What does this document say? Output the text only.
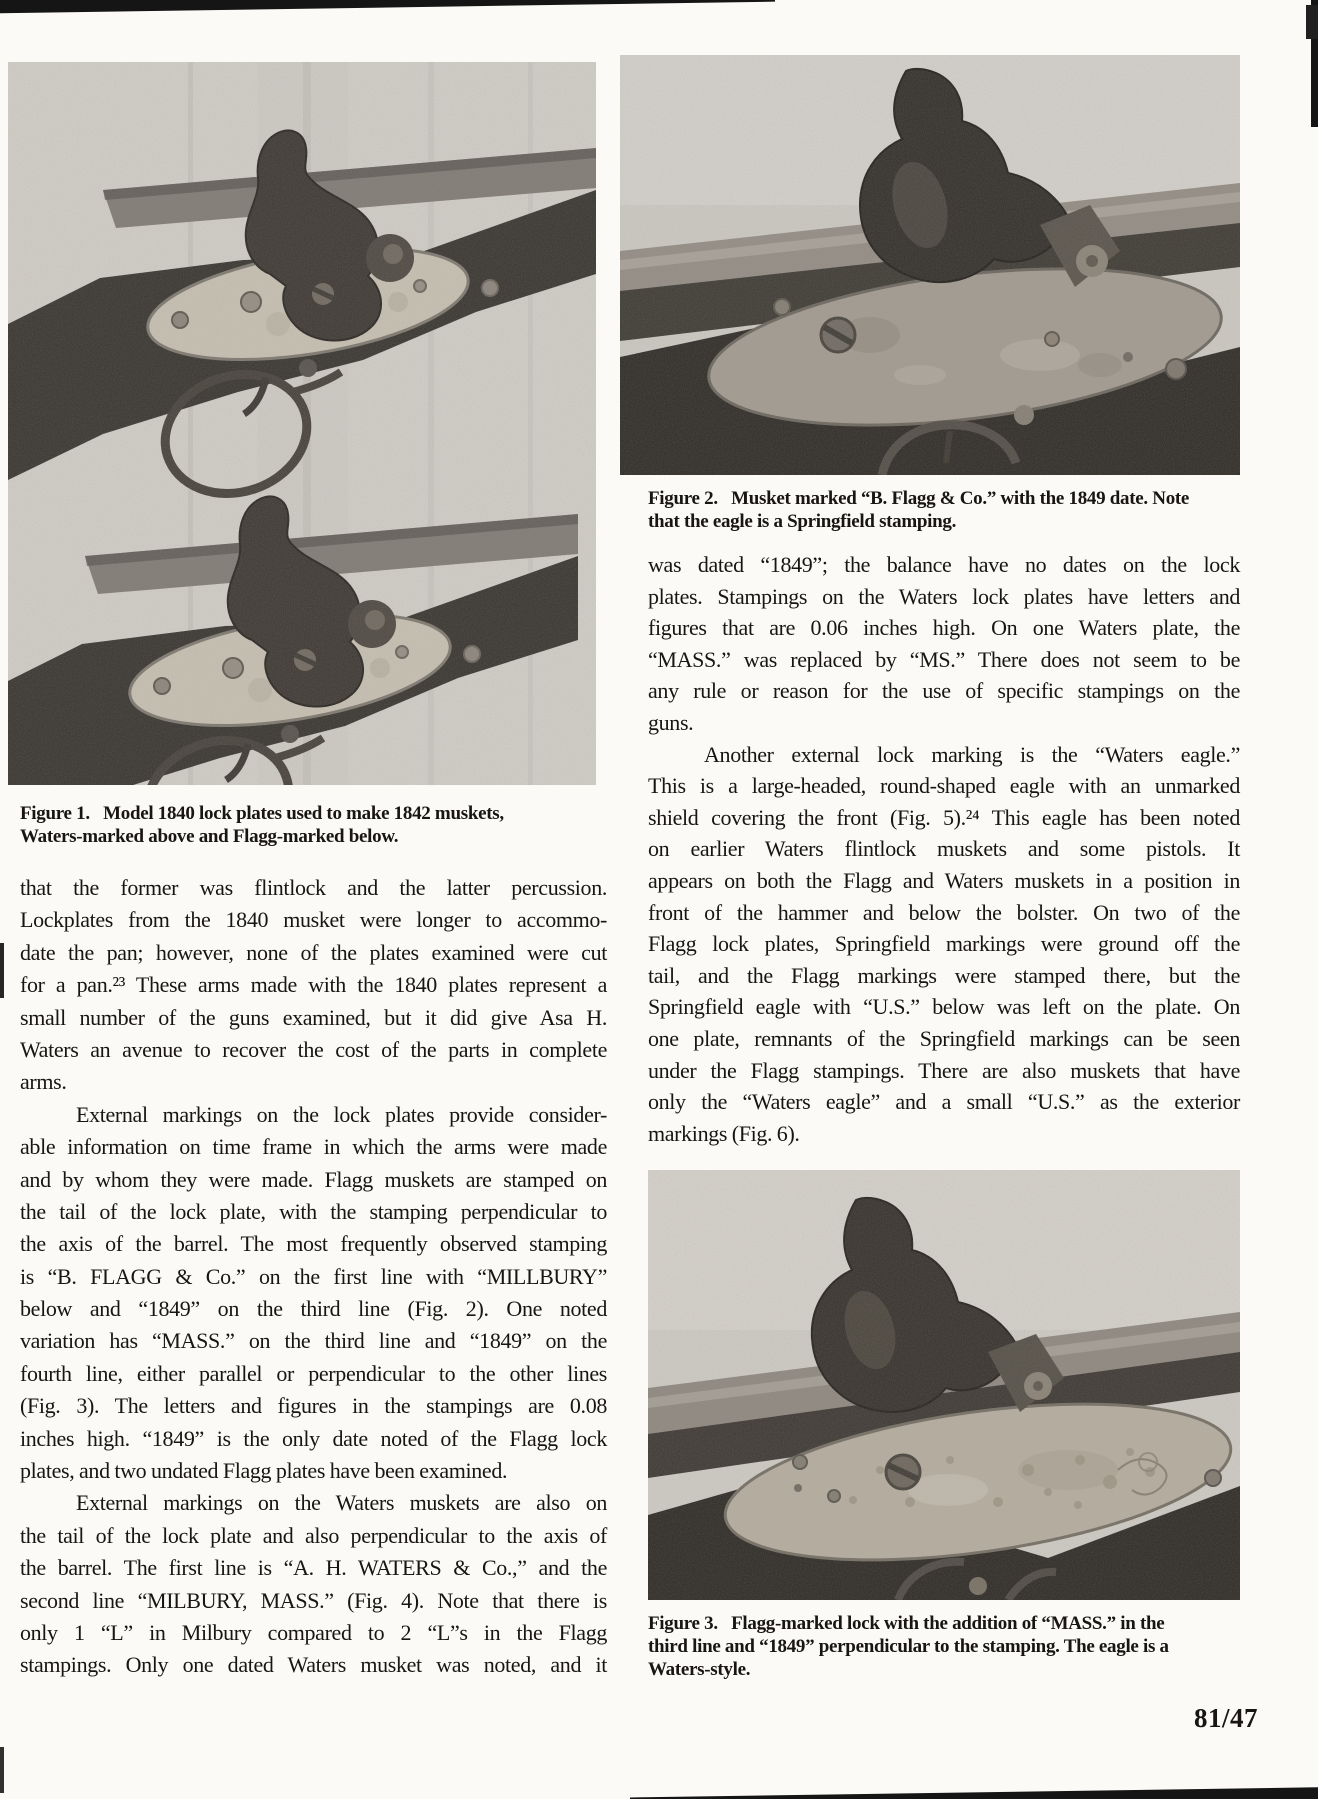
Figure 1.   Model 1840 lock plates used to make 1842 muskets,
Waters-marked above and Flagg-marked below.
Figure 2.   Musket marked “B. Flagg & Co.” with the 1849 date. Note
that the eagle is a Springfield stamping.
that the former was flintlock and the latter percussion.
Lockplates from the 1840 musket were longer to accommo-
date the pan; however, none of the plates examined were cut
for a pan.²³ These arms made with the 1840 plates represent a
small number of the guns examined, but it did give Asa H.
Waters an avenue to recover the cost of the parts in complete
arms.
External markings on the lock plates provide consider-
able information on time frame in which the arms were made
and by whom they were made. Flagg muskets are stamped on
the tail of the lock plate, with the stamping perpendicular to
the axis of the barrel. The most frequently observed stamping
is “B. FLAGG & Co.” on the first line with “MILLBURY”
below and “1849” on the third line (Fig. 2). One noted
variation has “MASS.” on the third line and “1849” on the
fourth line, either parallel or perpendicular to the other lines
(Fig. 3). The letters and figures in the stampings are 0.08
inches high. “1849” is the only date noted of the Flagg lock
plates, and two undated Flagg plates have been examined.
External markings on the Waters muskets are also on
the tail of the lock plate and also perpendicular to the axis of
the barrel. The first line is “A. H. WATERS & Co.,” and the
second line “MILBURY, MASS.” (Fig. 4). Note that there is
only 1 “L” in Milbury compared to 2 “L”s in the Flagg
stampings. Only one dated Waters musket was noted, and it
was dated “1849”; the balance have no dates on the lock
plates. Stampings on the Waters lock plates have letters and
figures that are 0.06 inches high. On one Waters plate, the
“MASS.” was replaced by “MS.” There does not seem to be
any rule or reason for the use of specific stampings on the
guns.
Another external lock marking is the “Waters eagle.”
This is a large-headed, round-shaped eagle with an unmarked
shield covering the front (Fig. 5).²⁴ This eagle has been noted
on earlier Waters flintlock muskets and some pistols. It
appears on both the Flagg and Waters muskets in a position in
front of the hammer and below the bolster. On two of the
Flagg lock plates, Springfield markings were ground off the
tail, and the Flagg markings were stamped there, but the
Springfield eagle with “U.S.” below was left on the plate. On
one plate, remnants of the Springfield markings can be seen
under the Flagg stampings. There are also muskets that have
only the “Waters eagle” and a small “U.S.” as the exterior
markings (Fig. 6).
Figure 3.   Flagg-marked lock with the addition of “MASS.” in the
third line and “1849” perpendicular to the stamping. The eagle is a
Waters-style.
81/47
